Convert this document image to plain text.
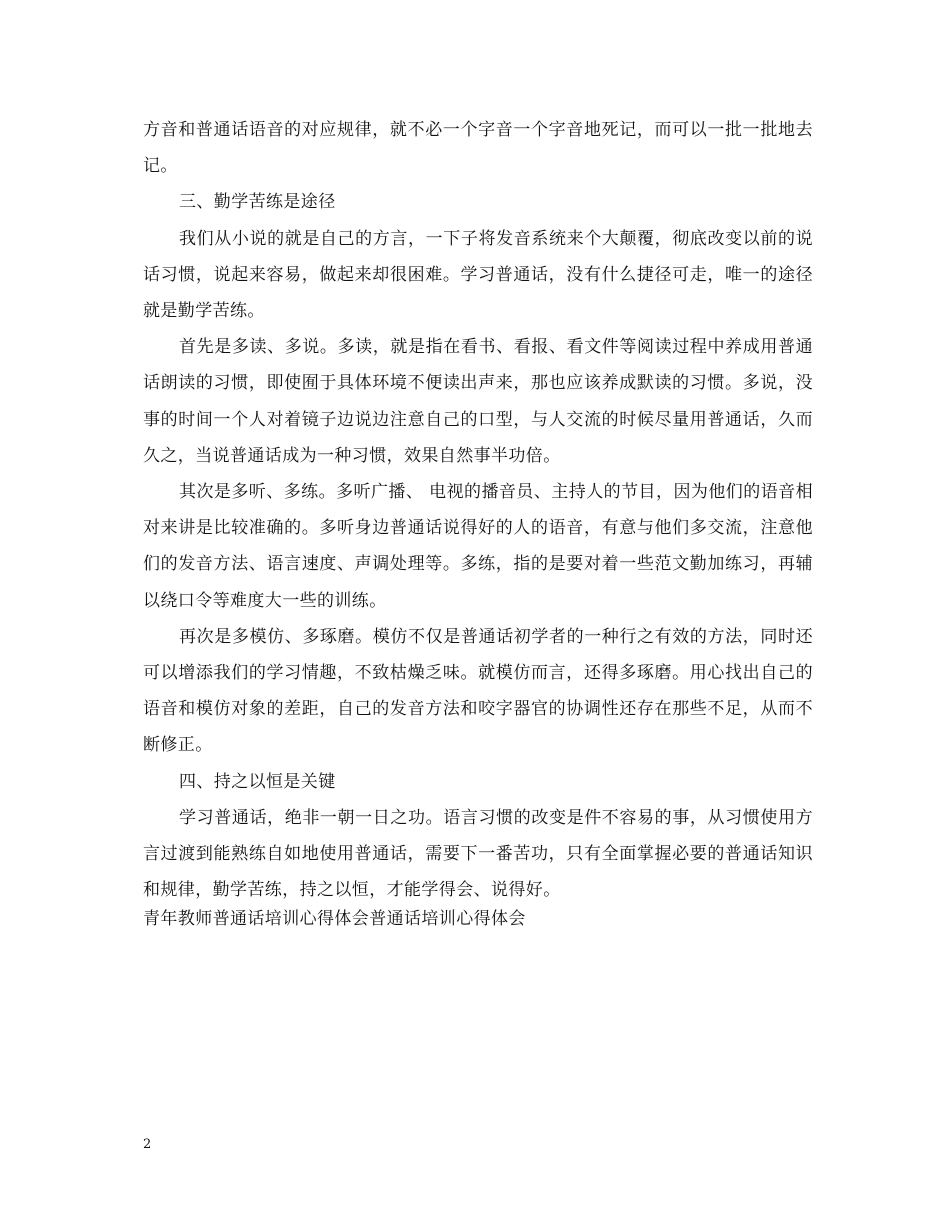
方音和普通话语音的对应规律，就不必一个字音一个字音地死记，而可以一批一批地去记。

三、勤学苦练是途径

我们从小说的就是自己的方言，一下子将发音系统来个大颠覆，彻底改变以前的说话习惯，说起来容易，做起来却很困难。学习普通话，没有什么捷径可走，唯一的途径就是勤学苦练。

首先是多读、多说。多读，就是指在看书、看报、看文件等阅读过程中养成用普通话朗读的习惯，即使囿于具体环境不便读出声来，那也应该养成默读的习惯。多说，没事的时间一个人对着镜子边说边注意自己的口型，与人交流的时候尽量用普通话，久而久之，当说普通话成为一种习惯，效果自然事半功倍。

其次是多听、多练。多听广播、 电视的播音员、主持人的节目，因为他们的语音相对来讲是比较准确的。多听身边普通话说得好的人的语音，有意与他们多交流，注意他们的发音方法、语言速度、声调处理等。多练，指的是要对着一些范文勤加练习，再辅以绕口令等难度大一些的训练。

再次是多模仿、多琢磨。模仿不仅是普通话初学者的一种行之有效的方法，同时还可以增添我们的学习情趣，不致枯燥乏味。就模仿而言，还得多琢磨。用心找出自己的语音和模仿对象的差距，自己的发音方法和咬字器官的协调性还存在那些不足，从而不断修正。

四、持之以恒是关键

学习普通话，绝非一朝一日之功。语言习惯的改变是件不容易的事，从习惯使用方言过渡到能熟练自如地使用普通话，需要下一番苦功，只有全面掌握必要的普通话知识和规律，勤学苦练，持之以恒，才能学得会、说得好。

青年教师普通话培训心得体会普通话培训心得体会

2
